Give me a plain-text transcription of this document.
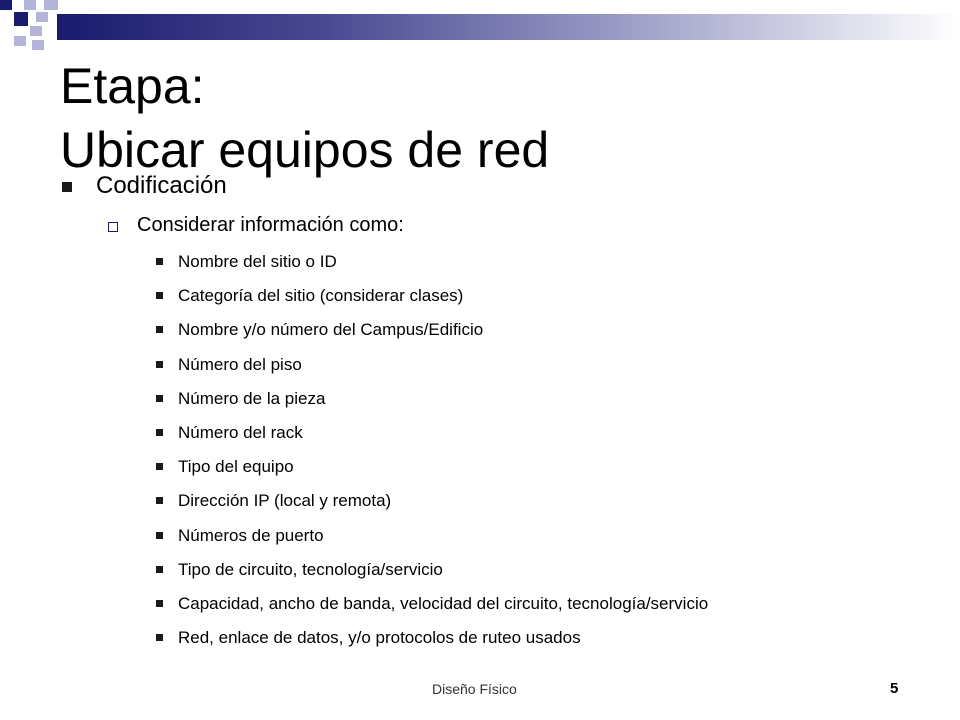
Etapa:
Ubicar equipos de red
Codificación
Considerar información como:
Nombre del sitio o ID
Categoría del sitio (considerar clases)
Nombre y/o número del Campus/Edificio
Número del piso
Número de la pieza
Número del rack
Tipo del equipo
Dirección IP (local y remota)
Números de puerto
Tipo de circuito, tecnología/servicio
Capacidad, ancho de banda, velocidad del circuito, tecnología/servicio
Red, enlace de datos, y/o protocolos de ruteo usados
Diseño Físico	5
